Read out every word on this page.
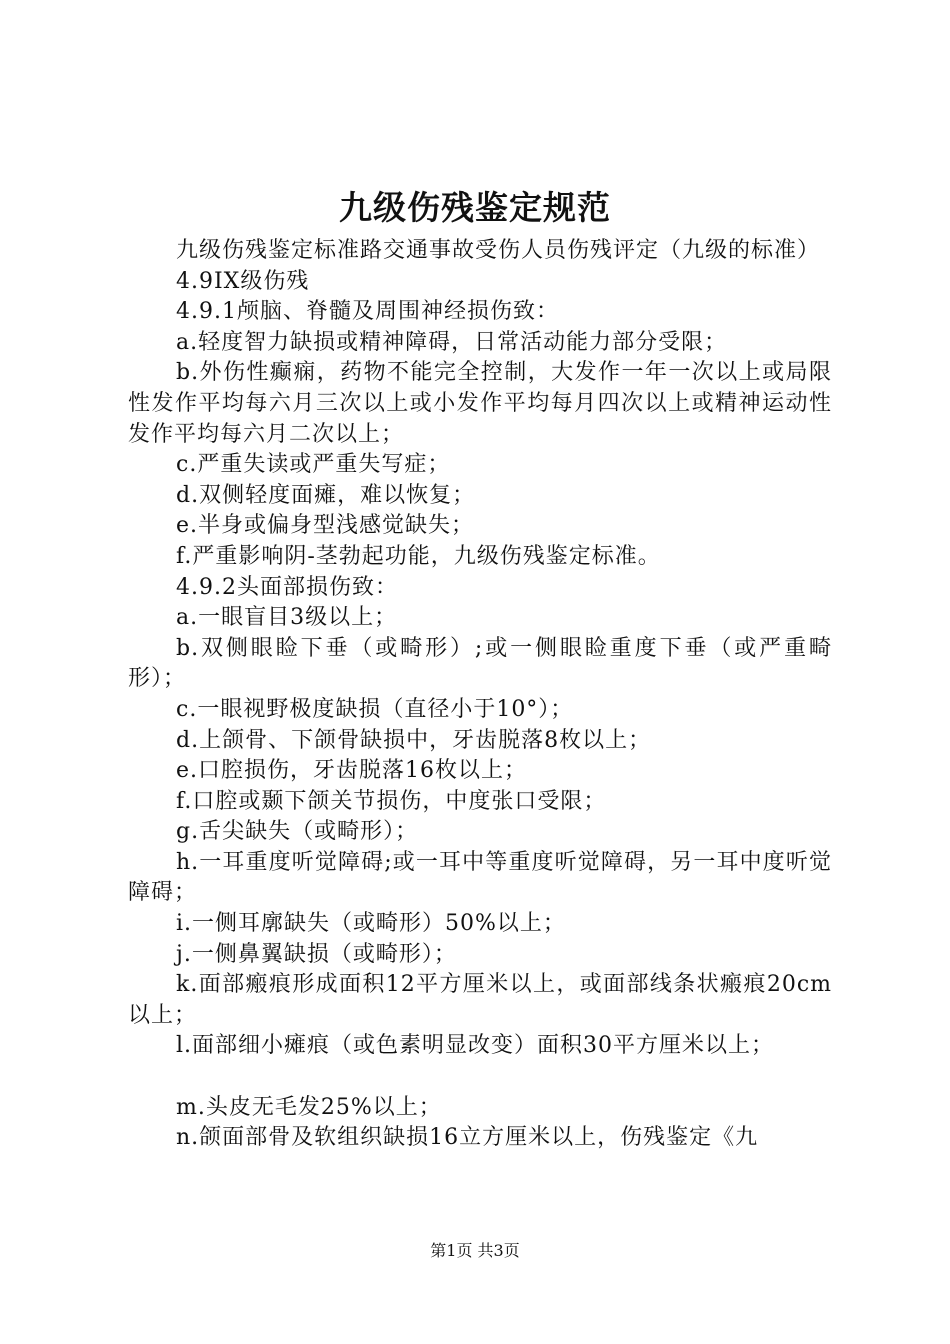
九级伤残鉴定规范

九级伤残鉴定标准路交通事故受伤人员伤残评定（九级的标准）

4.9IX级伤残

4.9.1颅脑、脊髓及周围神经损伤致：

a.轻度智力缺损或精神障碍，日常活动能力部分受限；

b.外伤性癫痫，药物不能完全控制，大发作一年一次以上或局限性发作平均每六月三次以上或小发作平均每月四次以上或精神运动性发作平均每六月二次以上；

c.严重失读或严重失写症；

d.双侧轻度面瘫，难以恢复；

e.半身或偏身型浅感觉缺失；

f.严重影响阴-茎勃起功能，九级伤残鉴定标准。

4.9.2头面部损伤致：

a.一眼盲目3级以上；

b.双侧眼睑下垂（或畸形）;或一侧眼睑重度下垂（或严重畸形）；

c.一眼视野极度缺损（直径小于10°）；

d.上颌骨、下颌骨缺损中，牙齿脱落8枚以上；

e.口腔损伤，牙齿脱落16枚以上；

f.口腔或颞下颌关节损伤，中度张口受限；

g.舌尖缺失（或畸形）；

h.一耳重度听觉障碍;或一耳中等重度听觉障碍，另一耳中度听觉障碍；

i.一侧耳廓缺失（或畸形）50%以上；

j.一侧鼻翼缺损（或畸形）；

k.面部瘢痕形成面积12平方厘米以上，或面部线条状瘢痕20cm以上；

l.面部细小瘫痕（或色素明显改变）面积30平方厘米以上；

m.头皮无毛发25%以上；

n.颌面部骨及软组织缺损16立方厘米以上，伤残鉴定《九

第1页 共3页
